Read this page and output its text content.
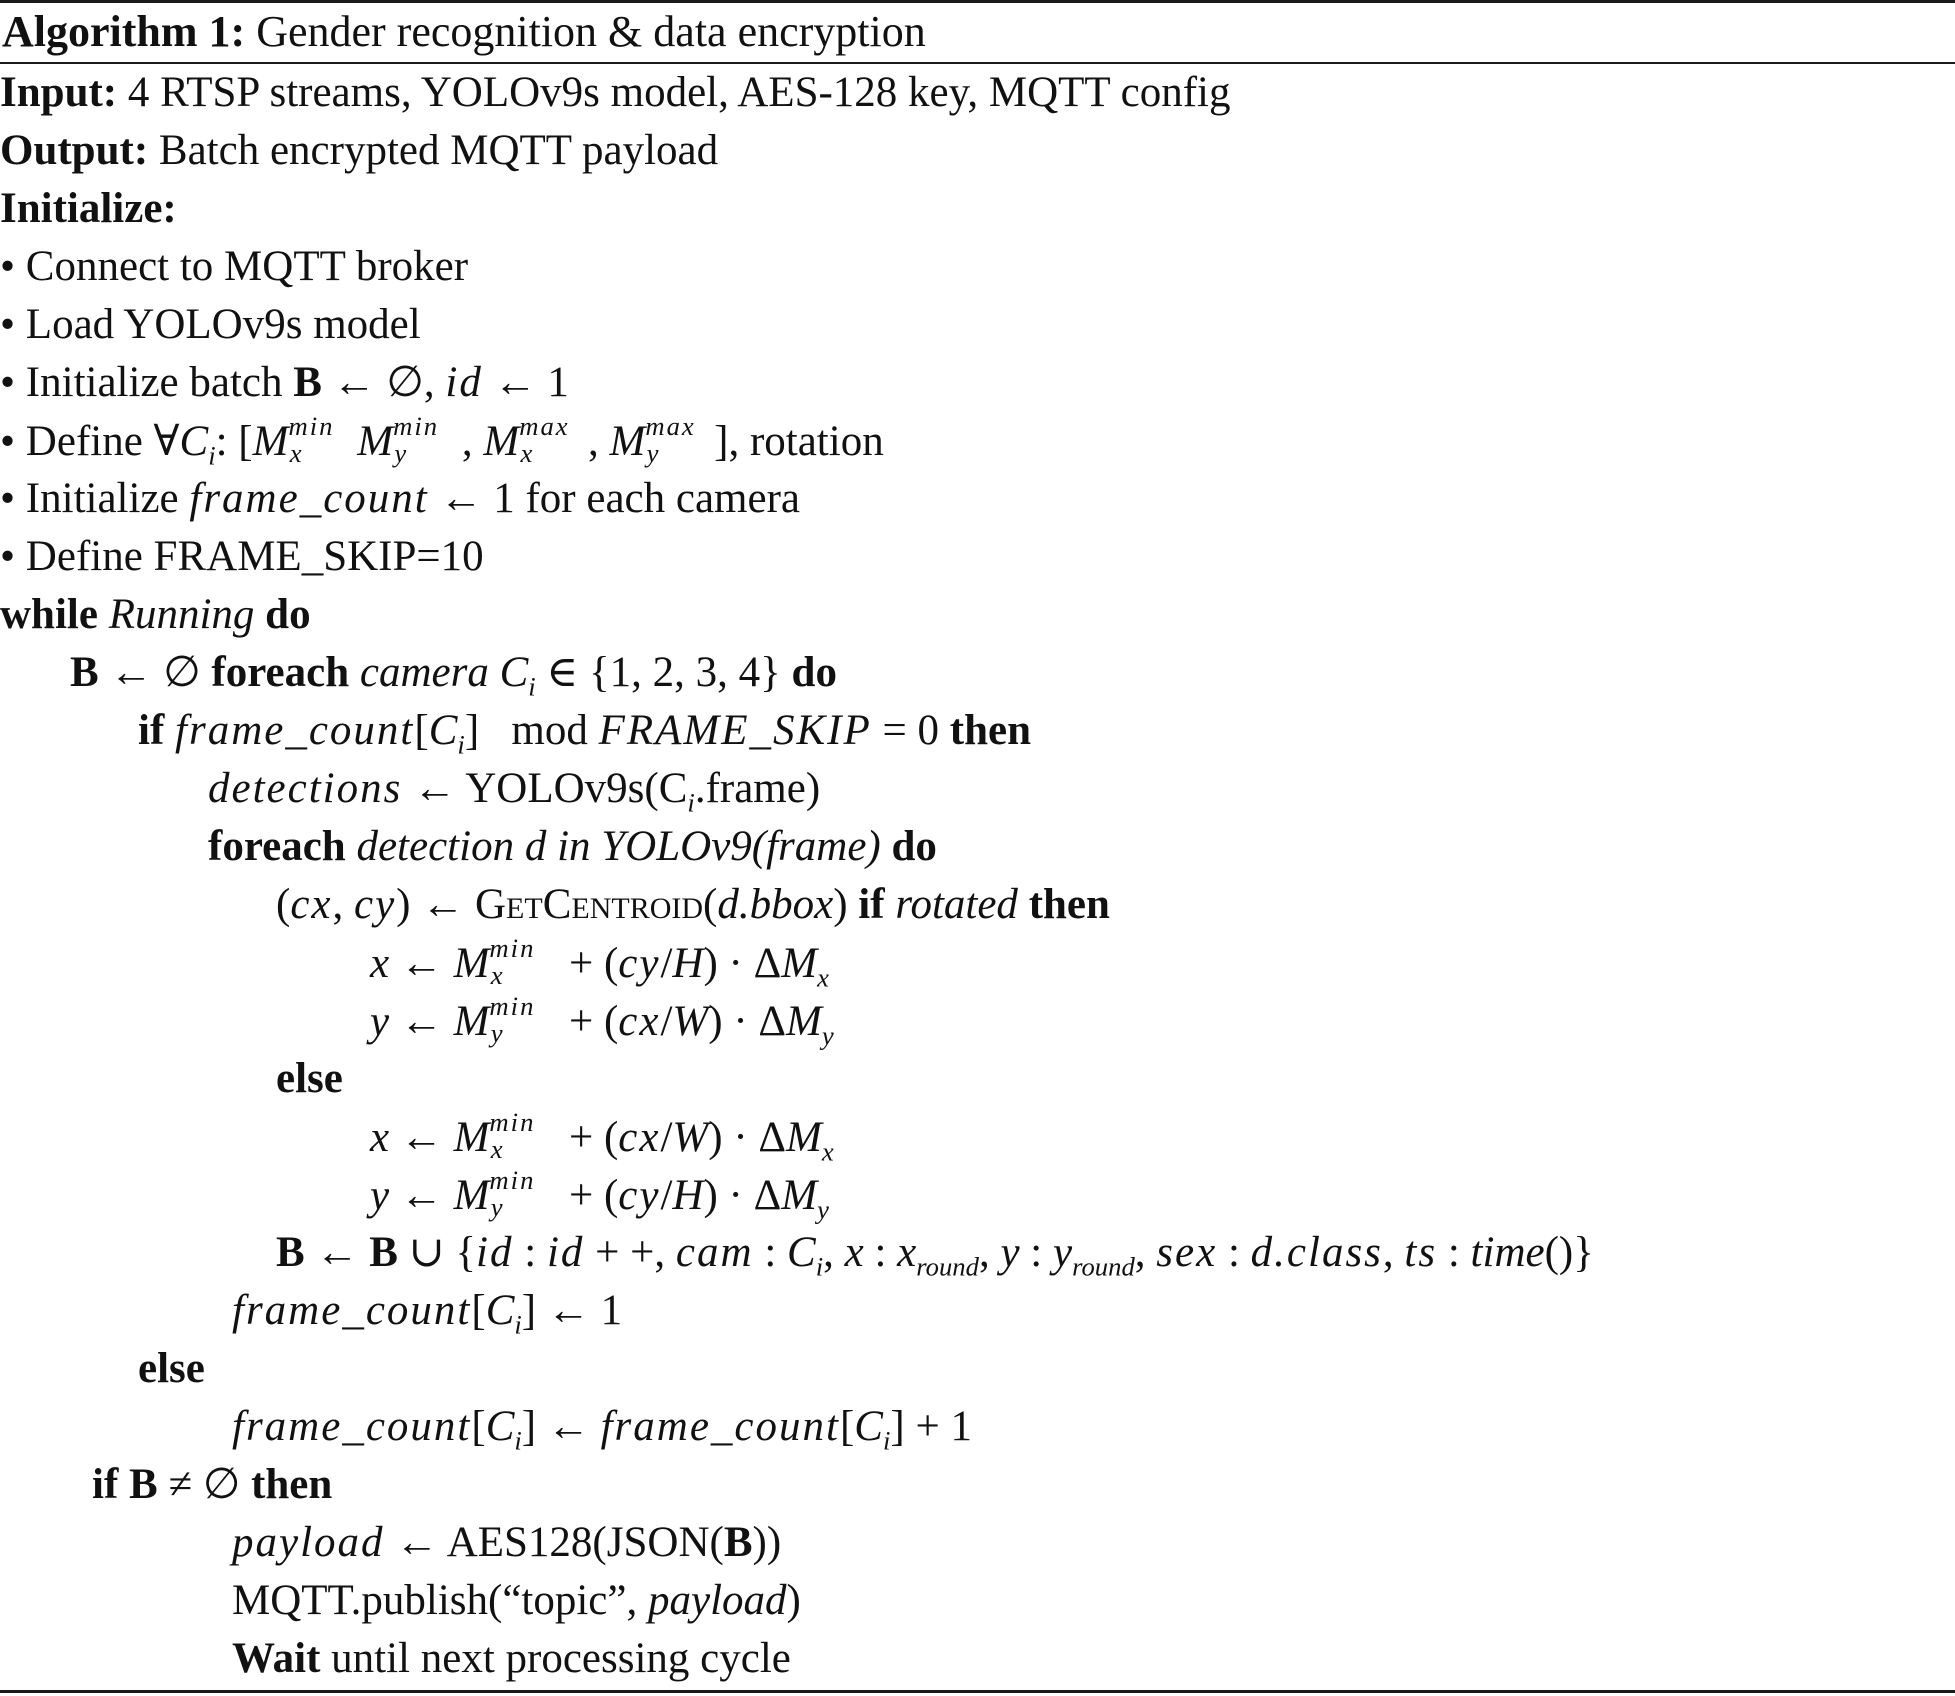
Algorithm 1: Gender recognition & data encryption
Input: 4 RTSP streams, YOLOv9s model, AES-128 key, MQTT config
Output: Batch encrypted MQTT payload
Initialize:
• Connect to MQTT broker
• Load YOLOv9s model
• Initialize batch B ← ∅, id ← 1
• Define $\forall C_i$: [M min
x M min
y , M max
x , M max
y ], rotation
• Initialize frame_count ← 1 for each camera
• Define FRAME_SKIP=10
while Running do
B ← ∅ foreach camera $C_i$ ∈ {1, 2, 3, 4} do
if $frame\_count[C_i]$   mod FRAME_SKIP = 0 then
detections ← $YOLOv9s(C_i.frame)$
foreach detection d in YOLOv9(frame) do
(cx, cy) ← GetCentroid(d.bbox) if rotated then
x ← M min
$x + (cy/H) \cdot \Delta M_x$
y ← M min
$y + (cx/W) \cdot \Delta M_y$
else
x ← M min
$x + (cx/W) \cdot \Delta M_x$
y ← M min
$y + (cy/H) \cdot \Delta M_y$
B ← B ∪ {id : id + +, cam : $C_i$, x : $x_{round}$, y : $y_{round}$, sex : d.class, ts : time()}
$frame\_count[C_i]$ ← 1
else
$frame\_count[C_i]$ ← $frame\_count[C_i] + 1$
if B ≠ ∅ then
payload ← AES128(JSON(B))
MQTT.publish(“topic”, payload)
Wait until next processing cycle
